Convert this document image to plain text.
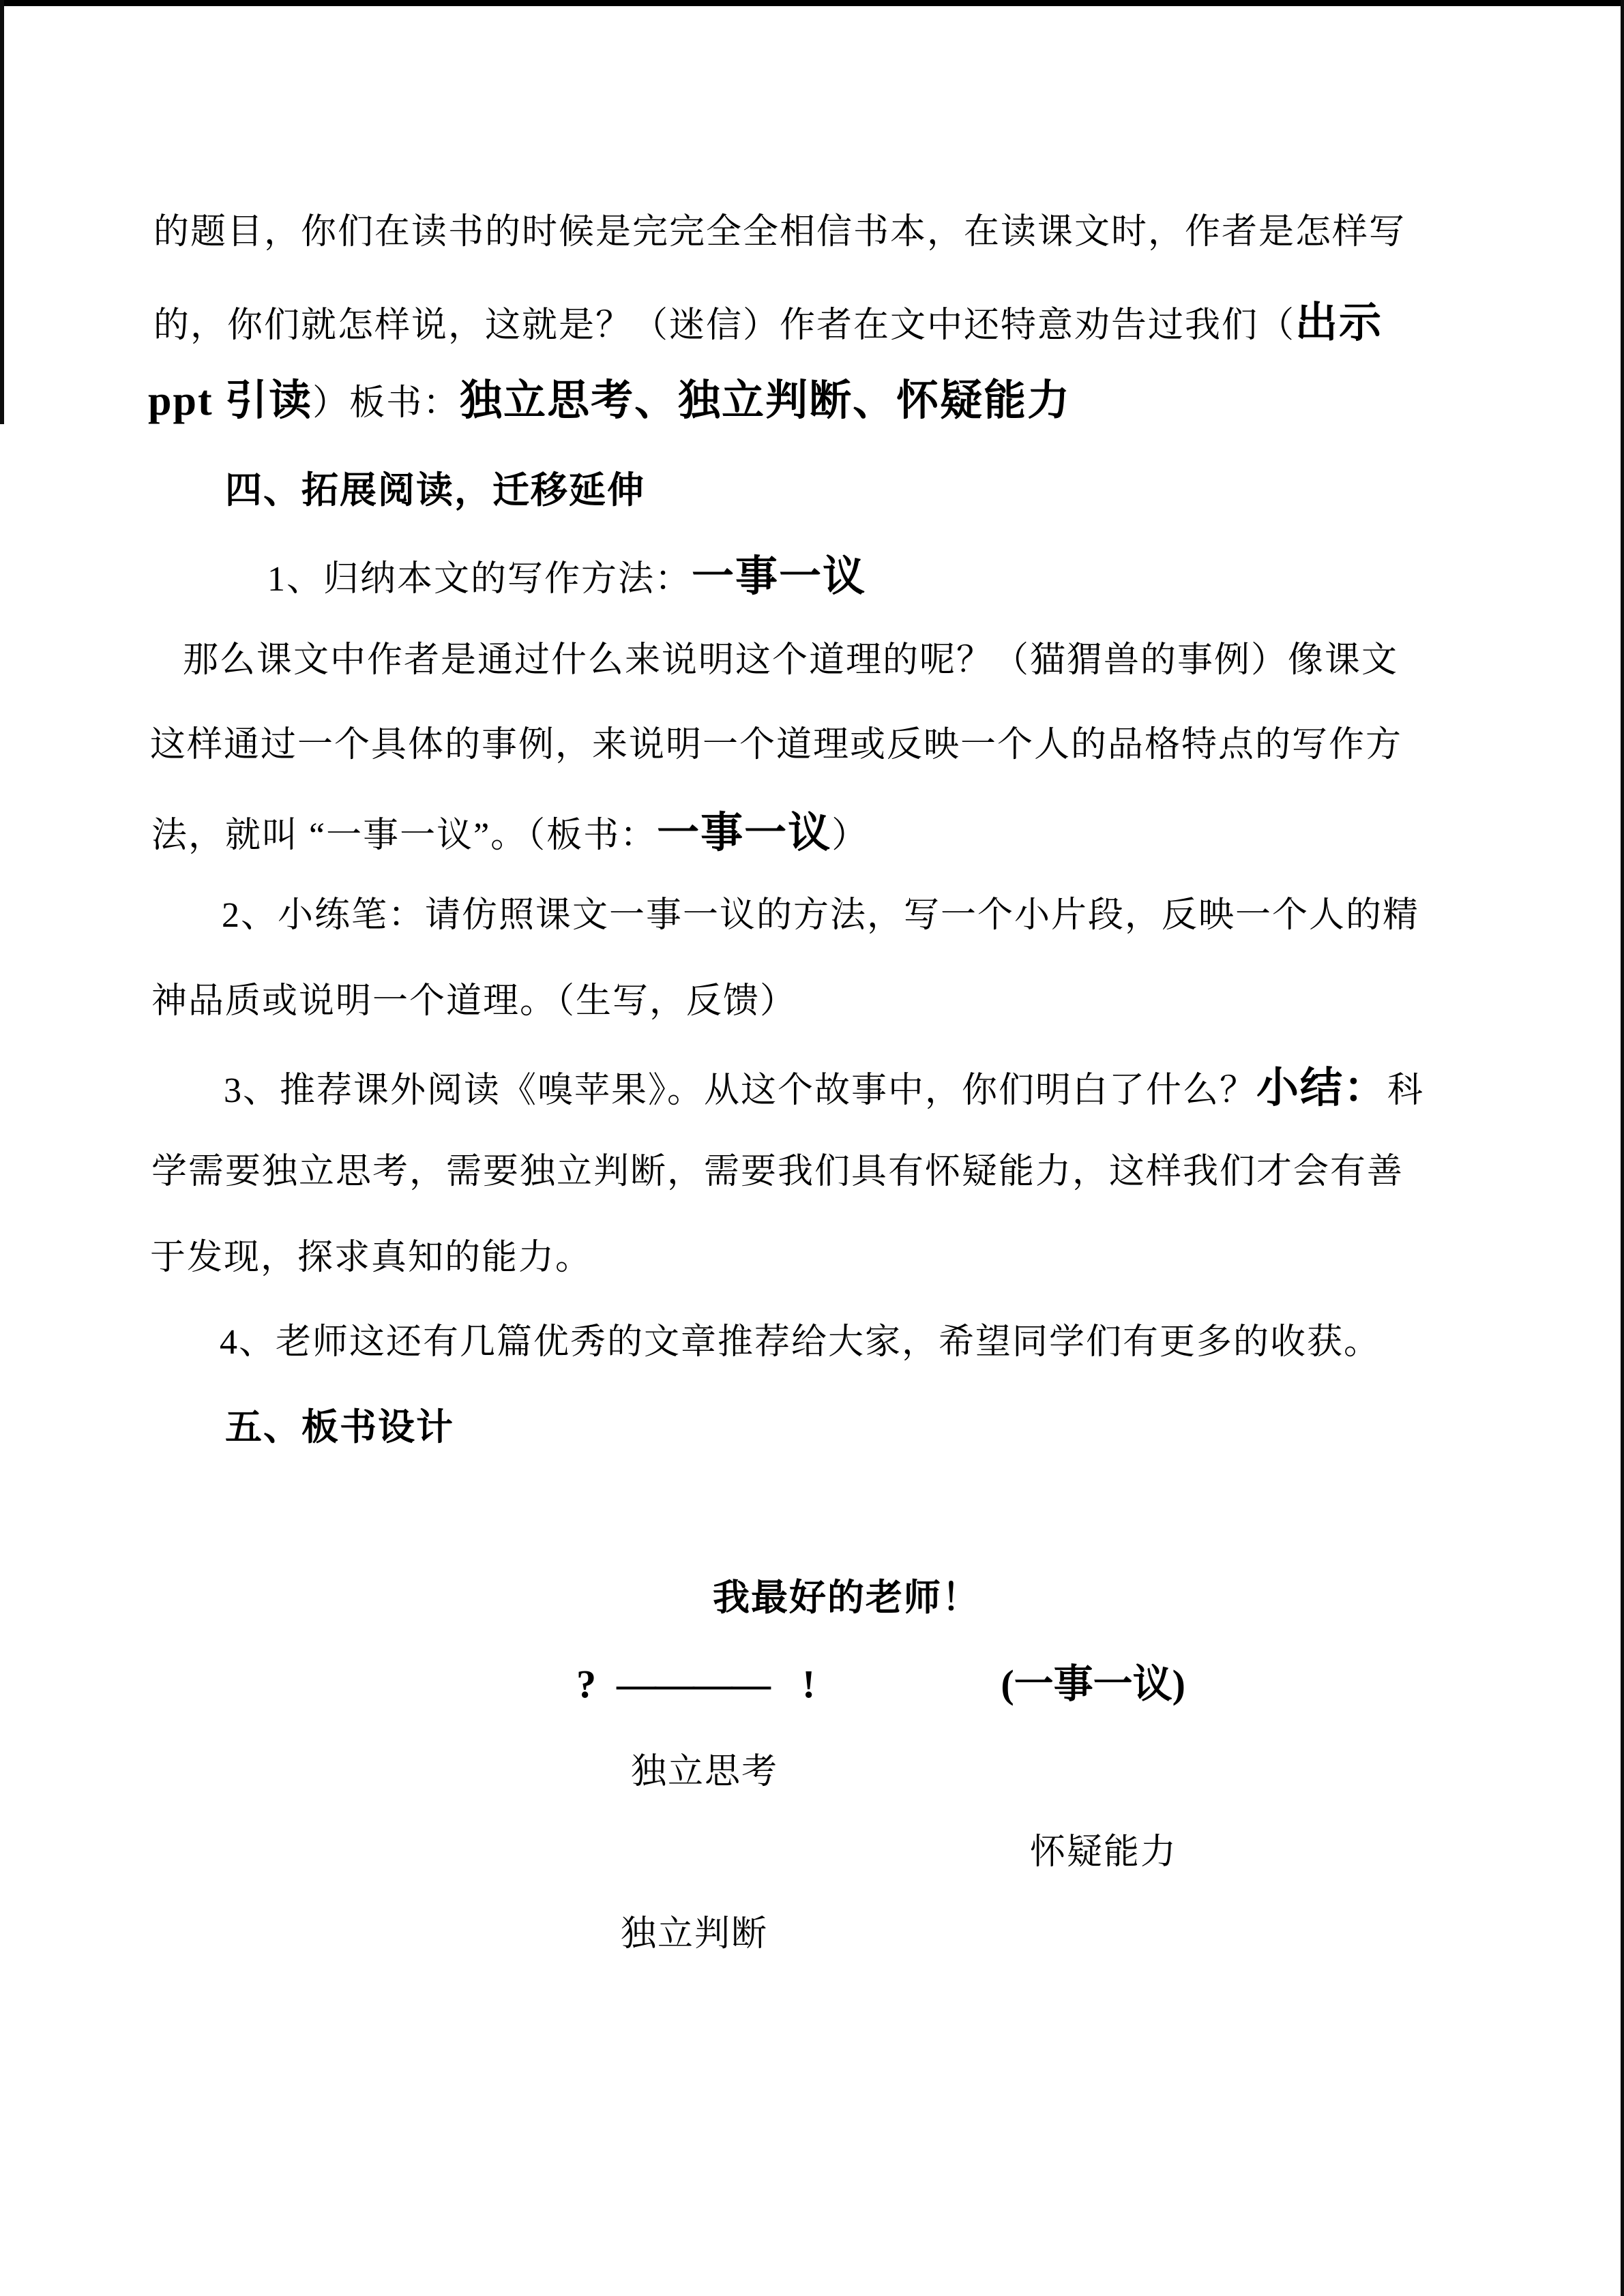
的题目，你们在读书的时候是完完全全相信书本，在读课文时，作者是怎样写
的，你们就怎样说，这就是？（迷信）作者在文中还特意劝告过我们（出示
ppt 引读）板书：独立思考、独立判断、怀疑能力
四、拓展阅读，迁移延伸
1、归纳本文的写作方法：一事一议
那么课文中作者是通过什么来说明这个道理的呢？（猫猬兽的事例）像课文
这样通过一个具体的事例，来说明一个道理或反映一个人的品格特点的写作方
法，就叫 “一事一议”。（板书：一事一议）
2、小练笔：请仿照课文一事一议的方法，写一个小片段，反映一个人的精
神品质或说明一个道理。（生写，反馈）
3、推荐课外阅读《嗅苹果》。从这个故事中，你们明白了什么？小结：科
学需要独立思考，需要独立判断，需要我们具有怀疑能力，这样我们才会有善
于发现，探求真知的能力。
4、老师这还有几篇优秀的文章推荐给大家，希望同学们有更多的收获。
五、板书设计
我最好的老师！
? ———— !	(一事一议)
独立思考
怀疑能力
独立判断
